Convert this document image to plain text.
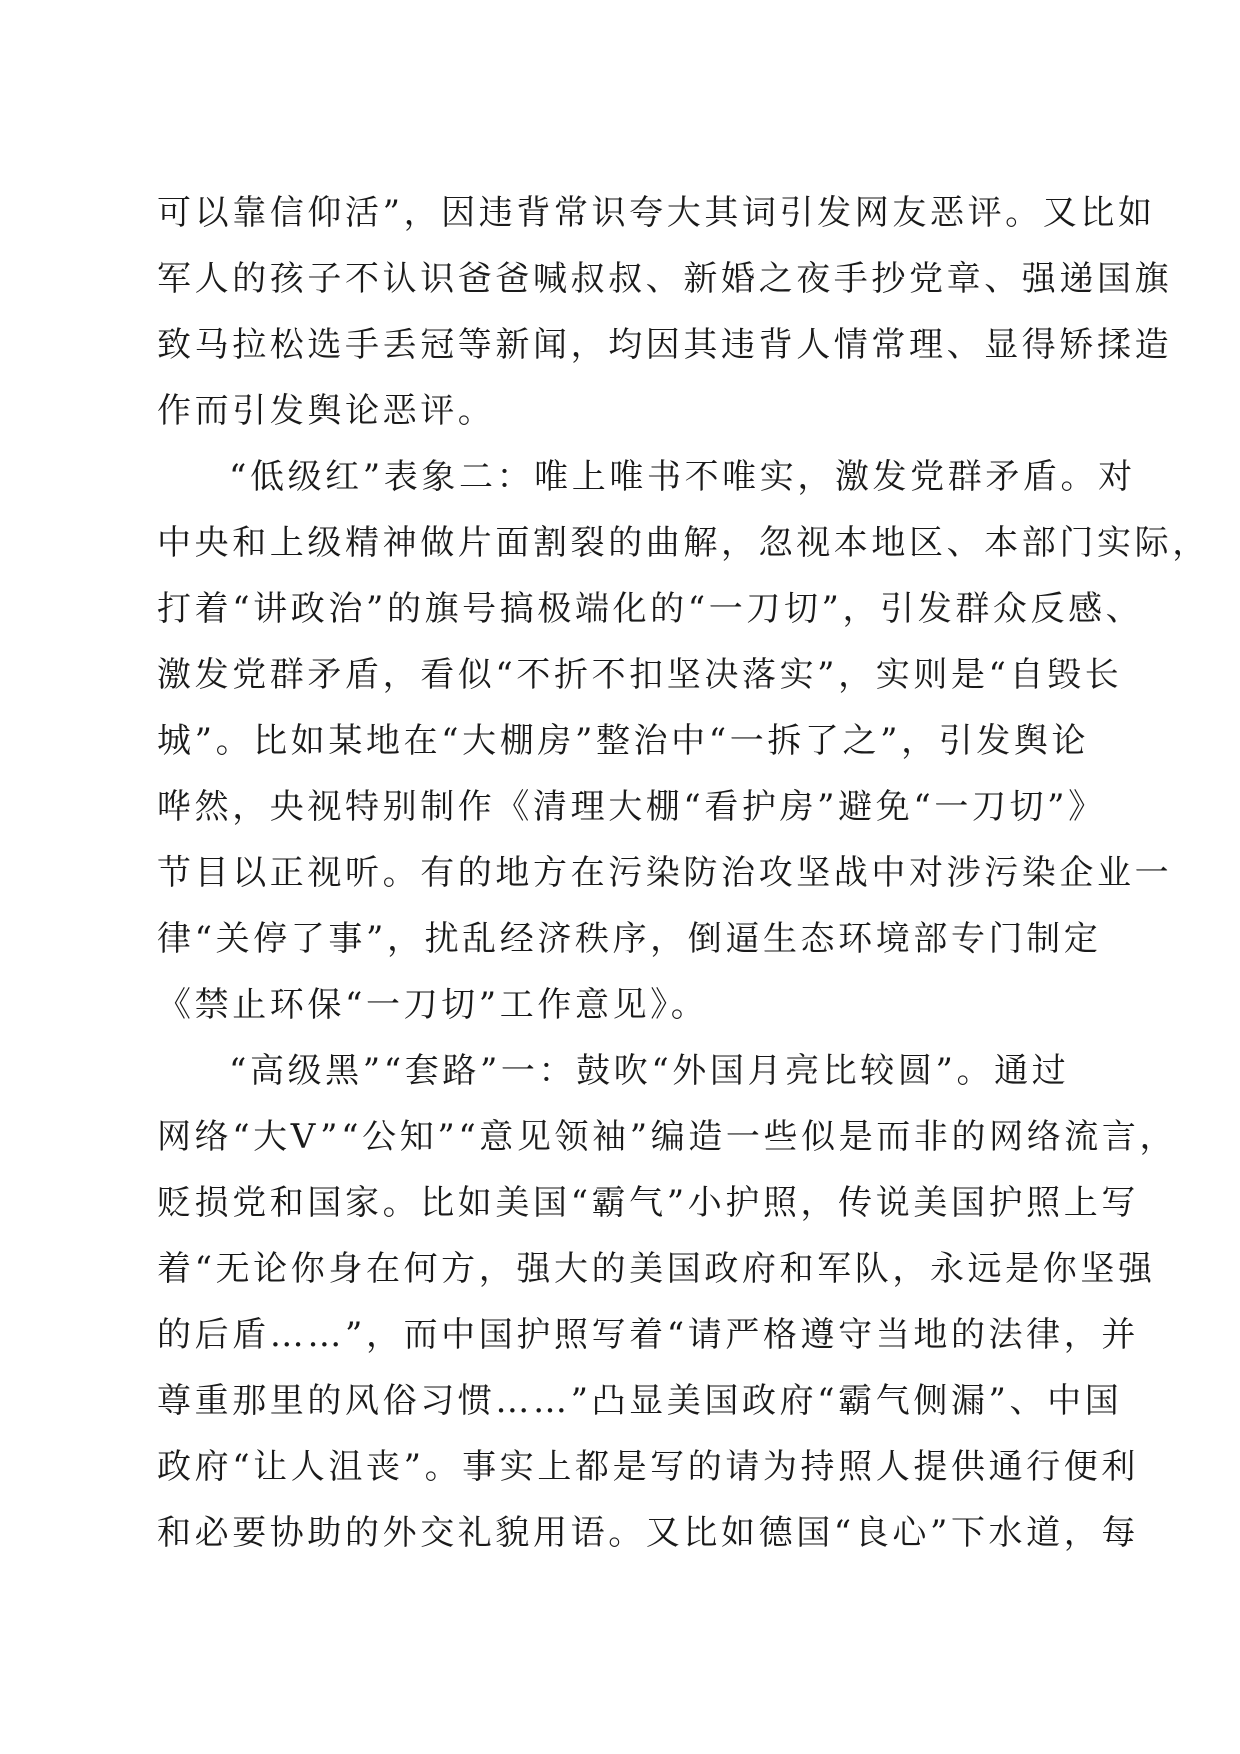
可以靠信仰活”，因违背常识夸大其词引发网友恶评。又比如
军人的孩子不认识爸爸喊叔叔、新婚之夜手抄党章、强递国旗
致马拉松选手丢冠等新闻，均因其违背人情常理、显得矫揉造
作而引发舆论恶评。
“低级红”表象二：唯上唯书不唯实，激发党群矛盾。对
中央和上级精神做片面割裂的曲解，忽视本地区、本部门实际，
打着“讲政治”的旗号搞极端化的“一刀切”，引发群众反感、
激发党群矛盾，看似“不折不扣坚决落实”，实则是“自毁长
城”。比如某地在“大棚房”整治中“一拆了之”，引发舆论
哗然，央视特别制作《清理大棚“看护房”避免“一刀切”》
节目以正视听。有的地方在污染防治攻坚战中对涉污染企业一
律“关停了事”，扰乱经济秩序，倒逼生态环境部专门制定
《禁止环保“一刀切”工作意见》。
“高级黑”“套路”一：鼓吹“外国月亮比较圆”。通过
网络“大V”“公知”“意见领袖”编造一些似是而非的网络流言，
贬损党和国家。比如美国“霸气”小护照，传说美国护照上写
着“无论你身在何方，强大的美国政府和军队，永远是你坚强
的后盾……”，而中国护照写着“请严格遵守当地的法律，并
尊重那里的风俗习惯……”凸显美国政府“霸气侧漏”、中国
政府“让人沮丧”。事实上都是写的请为持照人提供通行便利
和必要协助的外交礼貌用语。又比如德国“良心”下水道，每
